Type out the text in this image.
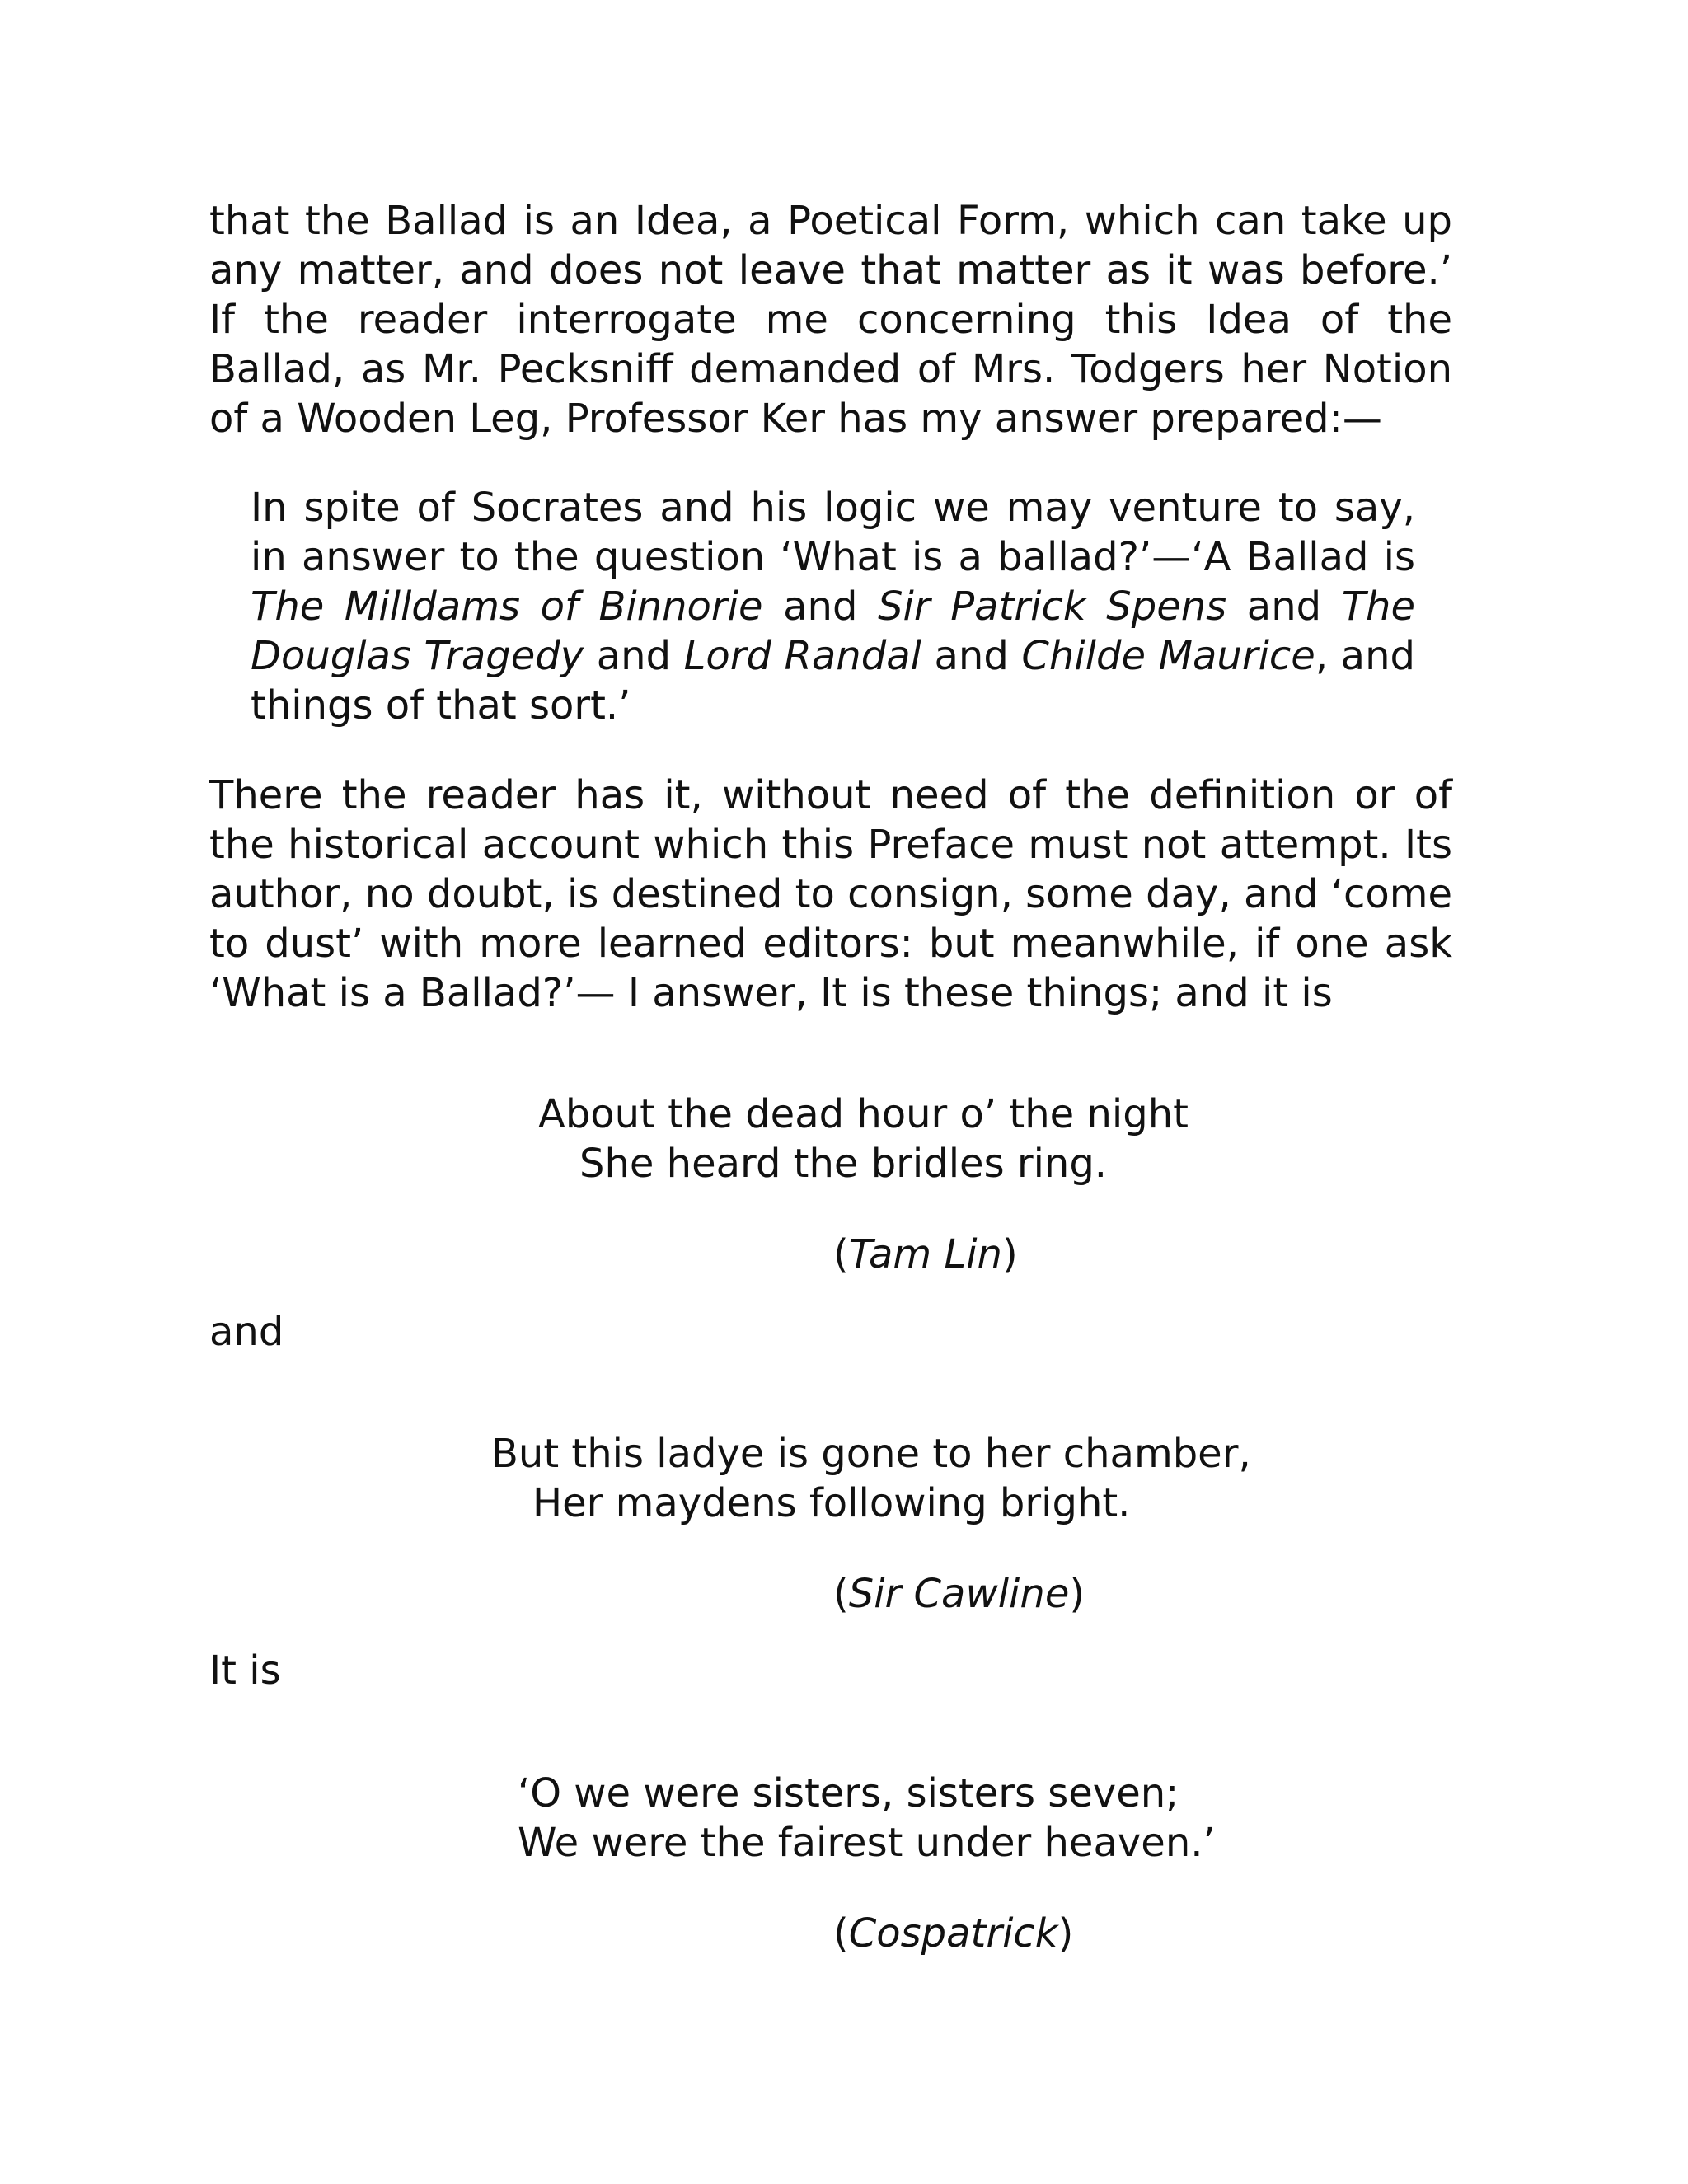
that the Ballad is an Idea, a Poetical Form, which can take up any matter, and does not leave that matter as it was before.’ If the reader interrogate me concerning this Idea of the Ballad, as Mr. Pecksniff demanded of Mrs. Todgers her Notion of a Wooden Leg, Professor Ker has my answer prepared:—
In spite of Socrates and his logic we may venture to say, in answer to the question ‘What is a ballad?’—‘A Ballad is The Milldams of Binnorie and Sir Patrick Spens and The Douglas Tragedy and Lord Randal and Childe Maurice, and things of that sort.’
There the reader has it, without need of the definition or of the historical account which this Preface must not attempt. Its author, no doubt, is destined to consign, some day, and ‘come to dust’ with more learned editors: but meanwhile, if one ask ‘What is a Ballad?’— I answer, It is these things; and it is
About the dead hour o’ the night
She heard the bridles ring.
(Tam Lin)
and
But this ladye is gone to her chamber,
Her maydens following bright.
(Sir Cawline)
It is
‘O we were sisters, sisters seven;
We were the fairest under heaven.’
(Cospatrick)
